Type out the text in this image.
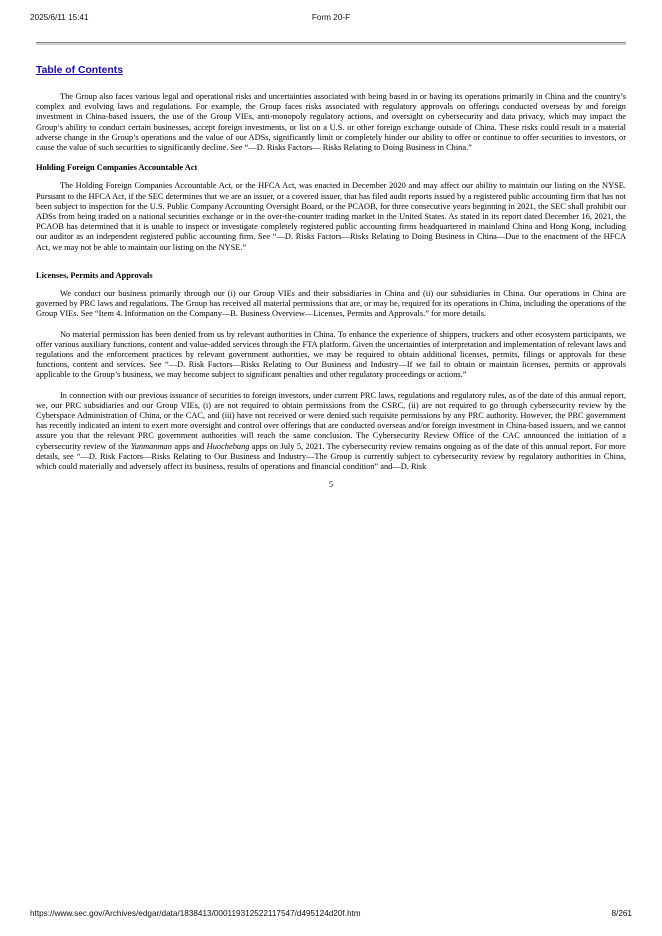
2025/6/11 15:41	Form 20-F
Table of Contents

The Group also faces various legal and operational risks and uncertainties associated with being based in or having its operations primarily in China and the country’s complex and evolving laws and regulations. For example, the Group faces risks associated with regulatory approvals on offerings conducted overseas by and foreign investment in China-based issuers, the use of the Group VIEs, anti-monopoly regulatory actions, and oversight on cybersecurity and data privacy, which may impact the Group’s ability to conduct certain businesses, accept foreign investments, or list on a U.S. or other foreign exchange outside of China. These risks could result in a material adverse change in the Group’s operations and the value of our ADSs, significantly limit or completely hinder our ability to offer or continue to offer securities to investors, or cause the value of such securities to significantly decline. See “—D. Risks Factors— Risks Relating to Doing Business in China.”

Holding Foreign Companies Accountable Act

The Holding Foreign Companies Accountable Act, or the HFCA Act, was enacted in December 2020 and may affect our ability to maintain our listing on the NYSE. Pursuant to the HFCA Act, if the SEC determines that we are an issuer, or a covered issuer, that has filed audit reports issued by a registered public accounting firm that has not been subject to inspection for the U.S. Public Company Accounting Oversight Board, or the PCAOB, for three consecutive years beginning in 2021, the SEC shall prohibit our ADSs from being traded on a national securities exchange or in the over-the-counter trading market in the United States. As stated in its report dated December 16, 2021, the PCAOB has determined that it is unable to inspect or investigate completely registered public accounting firms headquartered in mainland China and Hong Kong, including our auditor as an independent registered public accounting firm. See “—D. Risks Factors—Risks Relating to Doing Business in China—Due to the enactment of the HFCA Act, we may not be able to maintain our listing on the NYSE.”

Licenses, Permits and Approvals

We conduct our business primarily through our (i) our Group VIEs and their subsidiaries in China and (ii) our subsidiaries in China. Our operations in China are governed by PRC laws and regulations. The Group has received all material permissions that are, or may be, required for its operations in China, including the operations of the Group VIEs. See “Item 4. Information on the Company—B. Business Overview—Licenses, Permits and Approvals.” for more details.

No material permission has been denied from us by relevant authorities in China. To enhance the experience of shippers, truckers and other ecosystem participants, we offer various auxiliary functions, content and value-added services through the FTA platform. Given the uncertainties of interpretation and implementation of relevant laws and regulations and the enforcement practices by relevant government authorities, we may be required to obtain additional licenses, permits, filings or approvals for these functions, content and services. See “—D. Risk Factors—Risks Relating to Our Business and Industry—If we fail to obtain or maintain licenses, permits or approvals applicable to the Group’s business, we may become subject to significant penalties and other regulatory proceedings or actions.”

In connection with our previous issuance of securities to foreign investors, under current PRC laws, regulations and regulatory rules, as of the date of this annual report, we, our PRC subsidiaries and our Group VIEs, (i) are not required to obtain permissions from the CSRC, (ii) are not required to go through cybersecurity review by the Cyberspace Administration of China, or the CAC, and (iii) have not received or were denied such requisite permissions by any PRC authority. However, the PRC government has recently indicated an intent to exert more oversight and control over offerings that are conducted overseas and/or foreign investment in China-based issuers, and we cannot assure you that the relevant PRC government authorities will reach the same conclusion. The Cybersecurity Review Office of the CAC announced the initiation of a cybersecurity review of the Yunmanman apps and Huochebang apps on July 5, 2021. The cybersecurity review remains ongoing as of the date of this annual report. For more details, see “—D. Risk Factors—Risks Relating to Our Business and Industry—The Group is currently subject to cybersecurity review by regulatory authorities in China, which could materially and adversely affect its business, results of operations and financial condition” and—D. Risk

5
https://www.sec.gov/Archives/edgar/data/1838413/000119312522117547/d495124d20f.htm	8/261
